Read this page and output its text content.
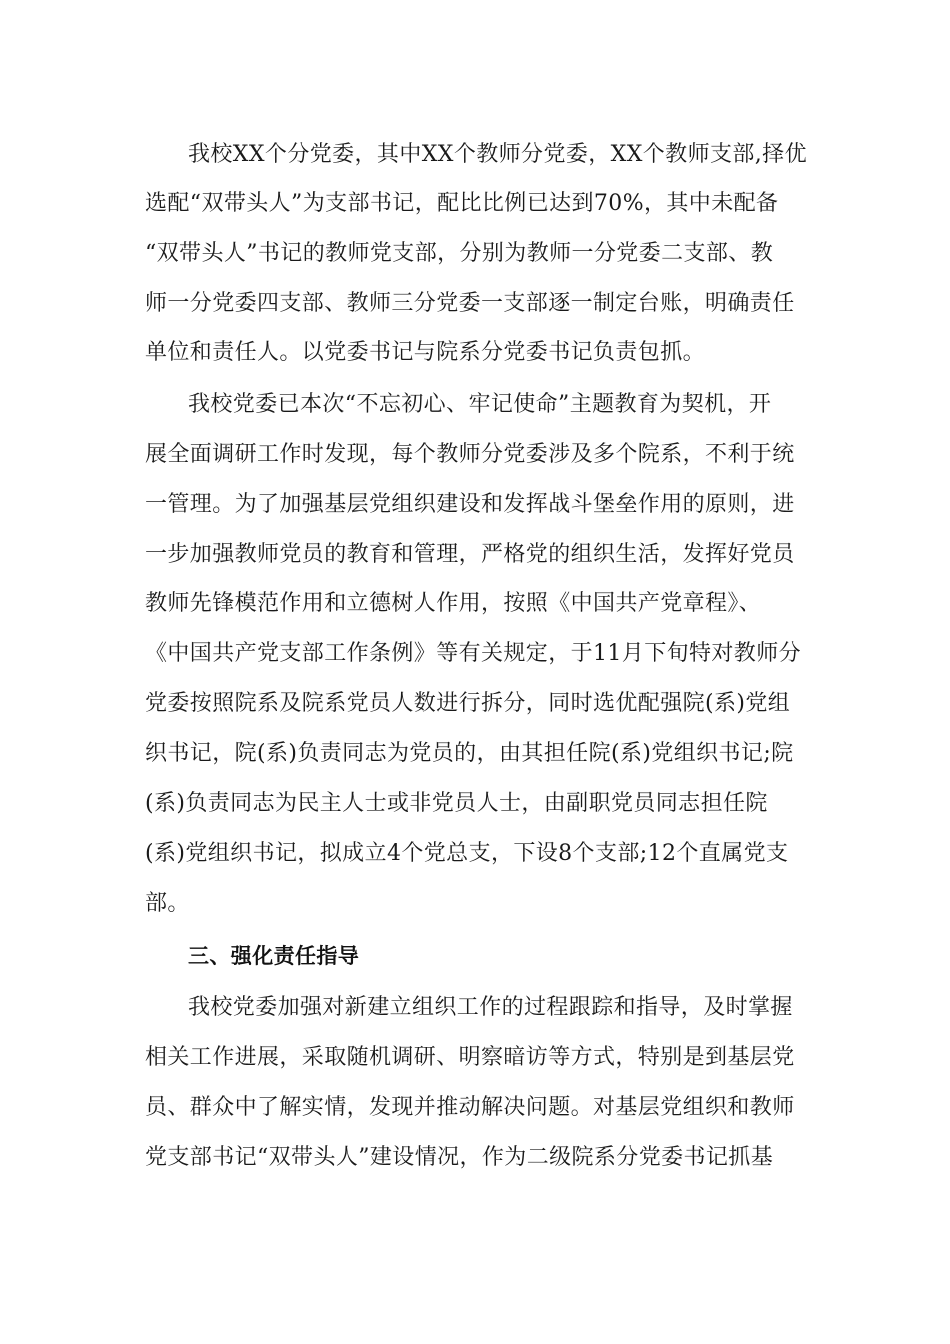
我校XX个分党委，其中XX个教师分党委，XX个教师支部,择优
选配“双带头人”为支部书记，配比比例已达到70%，其中未配备
“双带头人”书记的教师党支部，分别为教师一分党委二支部、教
师一分党委四支部、教师三分党委一支部逐一制定台账，明确责任
单位和责任人。以党委书记与院系分党委书记负责包抓。
我校党委已本次“不忘初心、牢记使命”主题教育为契机，开
展全面调研工作时发现，每个教师分党委涉及多个院系，不利于统
一管理。为了加强基层党组织建设和发挥战斗堡垒作用的原则，进
一步加强教师党员的教育和管理，严格党的组织生活，发挥好党员
教师先锋模范作用和立德树人作用，按照《中国共产党章程》、
《中国共产党支部工作条例》等有关规定，于11月下旬特对教师分
党委按照院系及院系党员人数进行拆分，同时选优配强院(系)党组
织书记，院(系)负责同志为党员的，由其担任院(系)党组织书记;院
(系)负责同志为民主人士或非党员人士，由副职党员同志担任院
(系)党组织书记，拟成立4个党总支，下设8个支部;12个直属党支
部。
三、强化责任指导
我校党委加强对新建立组织工作的过程跟踪和指导，及时掌握
相关工作进展，采取随机调研、明察暗访等方式，特别是到基层党
员、群众中了解实情，发现并推动解决问题。对基层党组织和教师
党支部书记“双带头人”建设情况，作为二级院系分党委书记抓基
